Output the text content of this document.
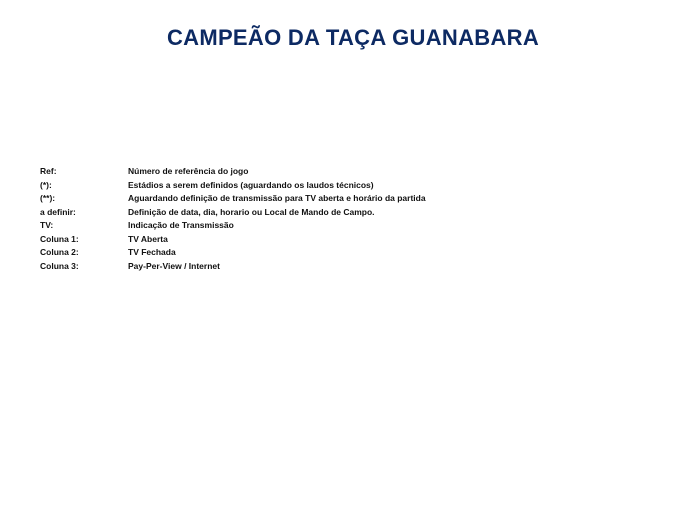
CAMPEÃO DA TAÇA GUANABARA
Ref:	Número de referência do jogo
(*):	Estádios a serem definidos (aguardando os laudos técnicos)
(**):	Aguardando definição de transmissão para TV aberta e horário da partida
a definir:	Definição de data, dia, horario ou Local de Mando de Campo.
TV:	Indicação de Transmissão
Coluna 1:	TV Aberta
Coluna 2:	TV Fechada
Coluna 3:	Pay-Per-View / Internet
